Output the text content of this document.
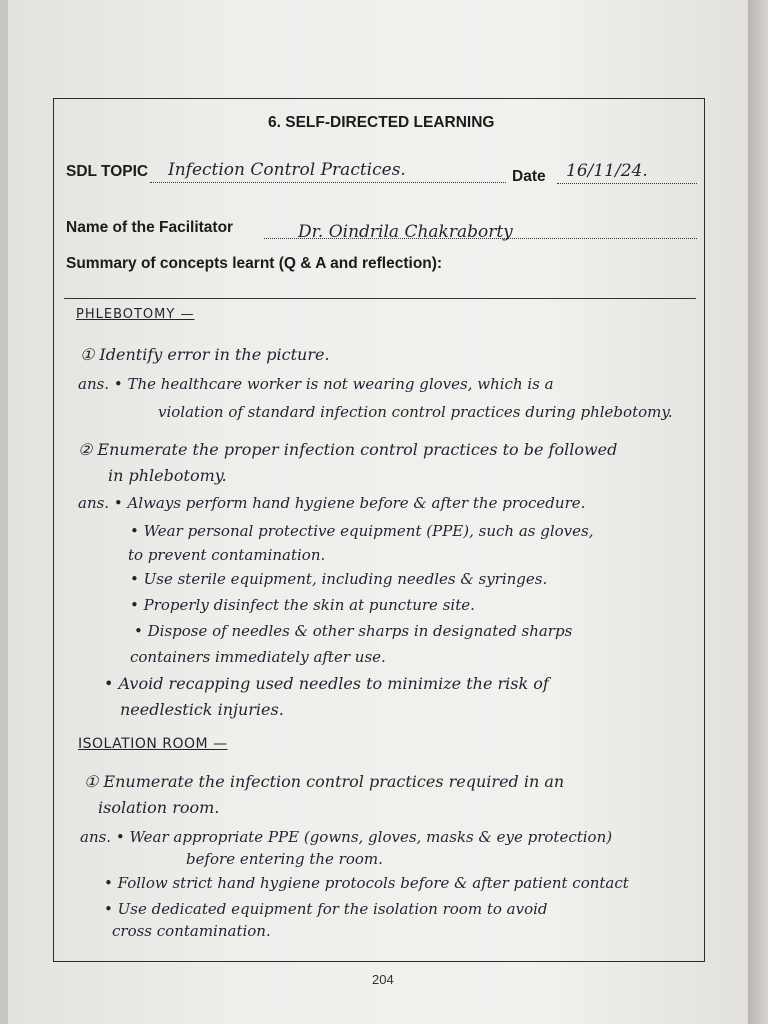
6. SELF-DIRECTED LEARNING
SDL TOPIC Infection Control Practices.	Date 16/11/24.
Name of the Facilitator	Dr. Oindrila Chakraborty
Summary of concepts learnt (Q & A and reflection):
PHLEBOTOMY —
① Identify error in the picture.
ans. • The healthcare worker is not wearing gloves, which is a
violation of standard infection control practices during phlebotomy.
② Enumerate the proper infection control practices to be followed
in phlebotomy.
ans. • Always perform hand hygiene before & after the procedure.
• Wear personal protective equipment (PPE), such as gloves,
to prevent contamination.
• Use sterile equipment, including needles & syringes.
• Properly disinfect the skin at puncture site.
• Dispose of needles & other sharps in designated sharps
containers immediately after use.
• Avoid recapping used needles to minimize the risk of
needlestick injuries.
ISOLATION ROOM —
① Enumerate the infection control practices required in an
isolation room.
ans. • Wear appropriate PPE (gowns, gloves, masks & eye protection)
before entering the room.
• Follow strict hand hygiene protocols before & after patient contact
• Use dedicated equipment for the isolation room to avoid
cross contamination.
204
